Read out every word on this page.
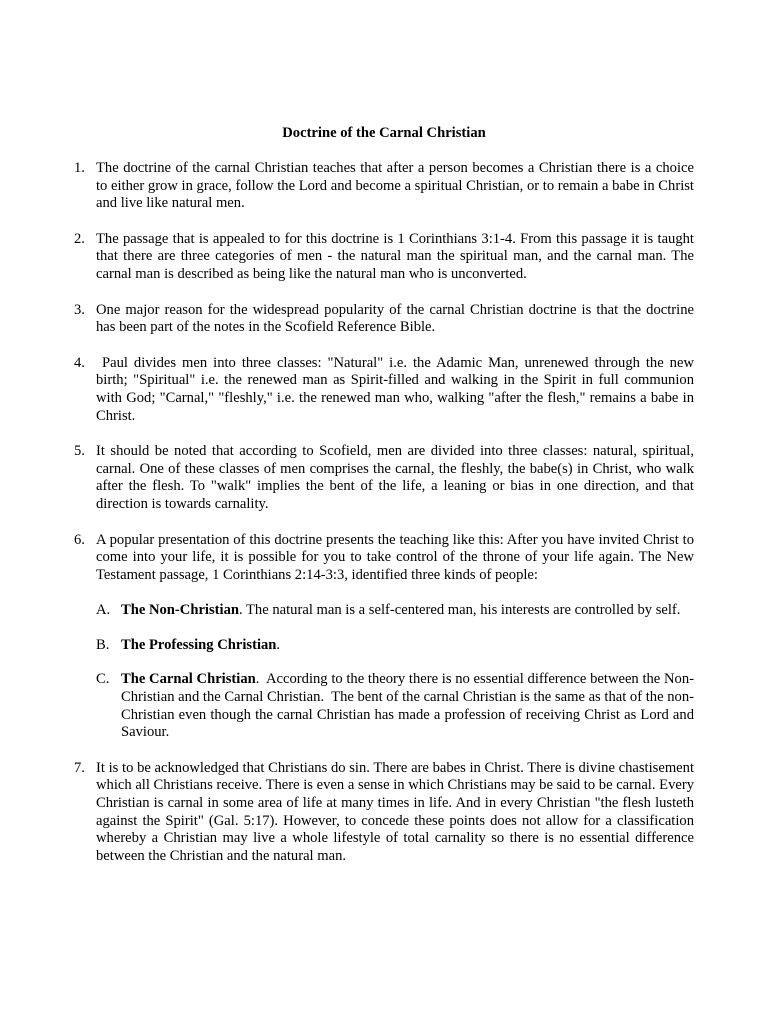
Doctrine of the Carnal Christian
1. The doctrine of the carnal Christian teaches that after a person becomes a Christian there is a choice to either grow in grace, follow the Lord and become a spiritual Christian, or to remain a babe in Christ and live like natural men.
2. The passage that is appealed to for this doctrine is 1 Corinthians 3:1-4. From this passage it is taught that there are three categories of men - the natural man the spiritual man, and the carnal man. The carnal man is described as being like the natural man who is unconverted.
3. One major reason for the widespread popularity of the carnal Christian doctrine is that the doctrine has been part of the notes in the Scofield Reference Bible.
4. Paul divides men into three classes: "Natural" i.e. the Adamic Man, unrenewed through the new birth; "Spiritual" i.e. the renewed man as Spirit-filled and walking in the Spirit in full communion with God; "Carnal," "fleshly," i.e. the renewed man who, walking "after the flesh," remains a babe in Christ.
5. It should be noted that according to Scofield, men are divided into three classes: natural, spiritual, carnal. One of these classes of men comprises the carnal, the fleshly, the babe(s) in Christ, who walk after the flesh. To "walk" implies the bent of the life, a leaning or bias in one direction, and that direction is towards carnality.
6. A popular presentation of this doctrine presents the teaching like this: After you have invited Christ to come into your life, it is possible for you to take control of the throne of your life again. The New Testament passage, 1 Corinthians 2:14-3:3, identified three kinds of people:
A. The Non-Christian. The natural man is a self-centered man, his interests are controlled by self.
B. The Professing Christian.
C. The Carnal Christian.  According to the theory there is no essential difference between the Non-Christian and the Carnal Christian.  The bent of the carnal Christian is the same as that of the non-Christian even though the carnal Christian has made a profession of receiving Christ as Lord and Saviour.
7. It is to be acknowledged that Christians do sin. There are babes in Christ. There is divine chastisement which all Christians receive. There is even a sense in which Christians may be said to be carnal. Every Christian is carnal in some area of life at many times in life. And in every Christian "the flesh lusteth against the Spirit" (Gal. 5:17). However, to concede these points does not allow for a classification whereby a Christian may live a whole lifestyle of total carnality so there is no essential difference between the Christian and the natural man.
